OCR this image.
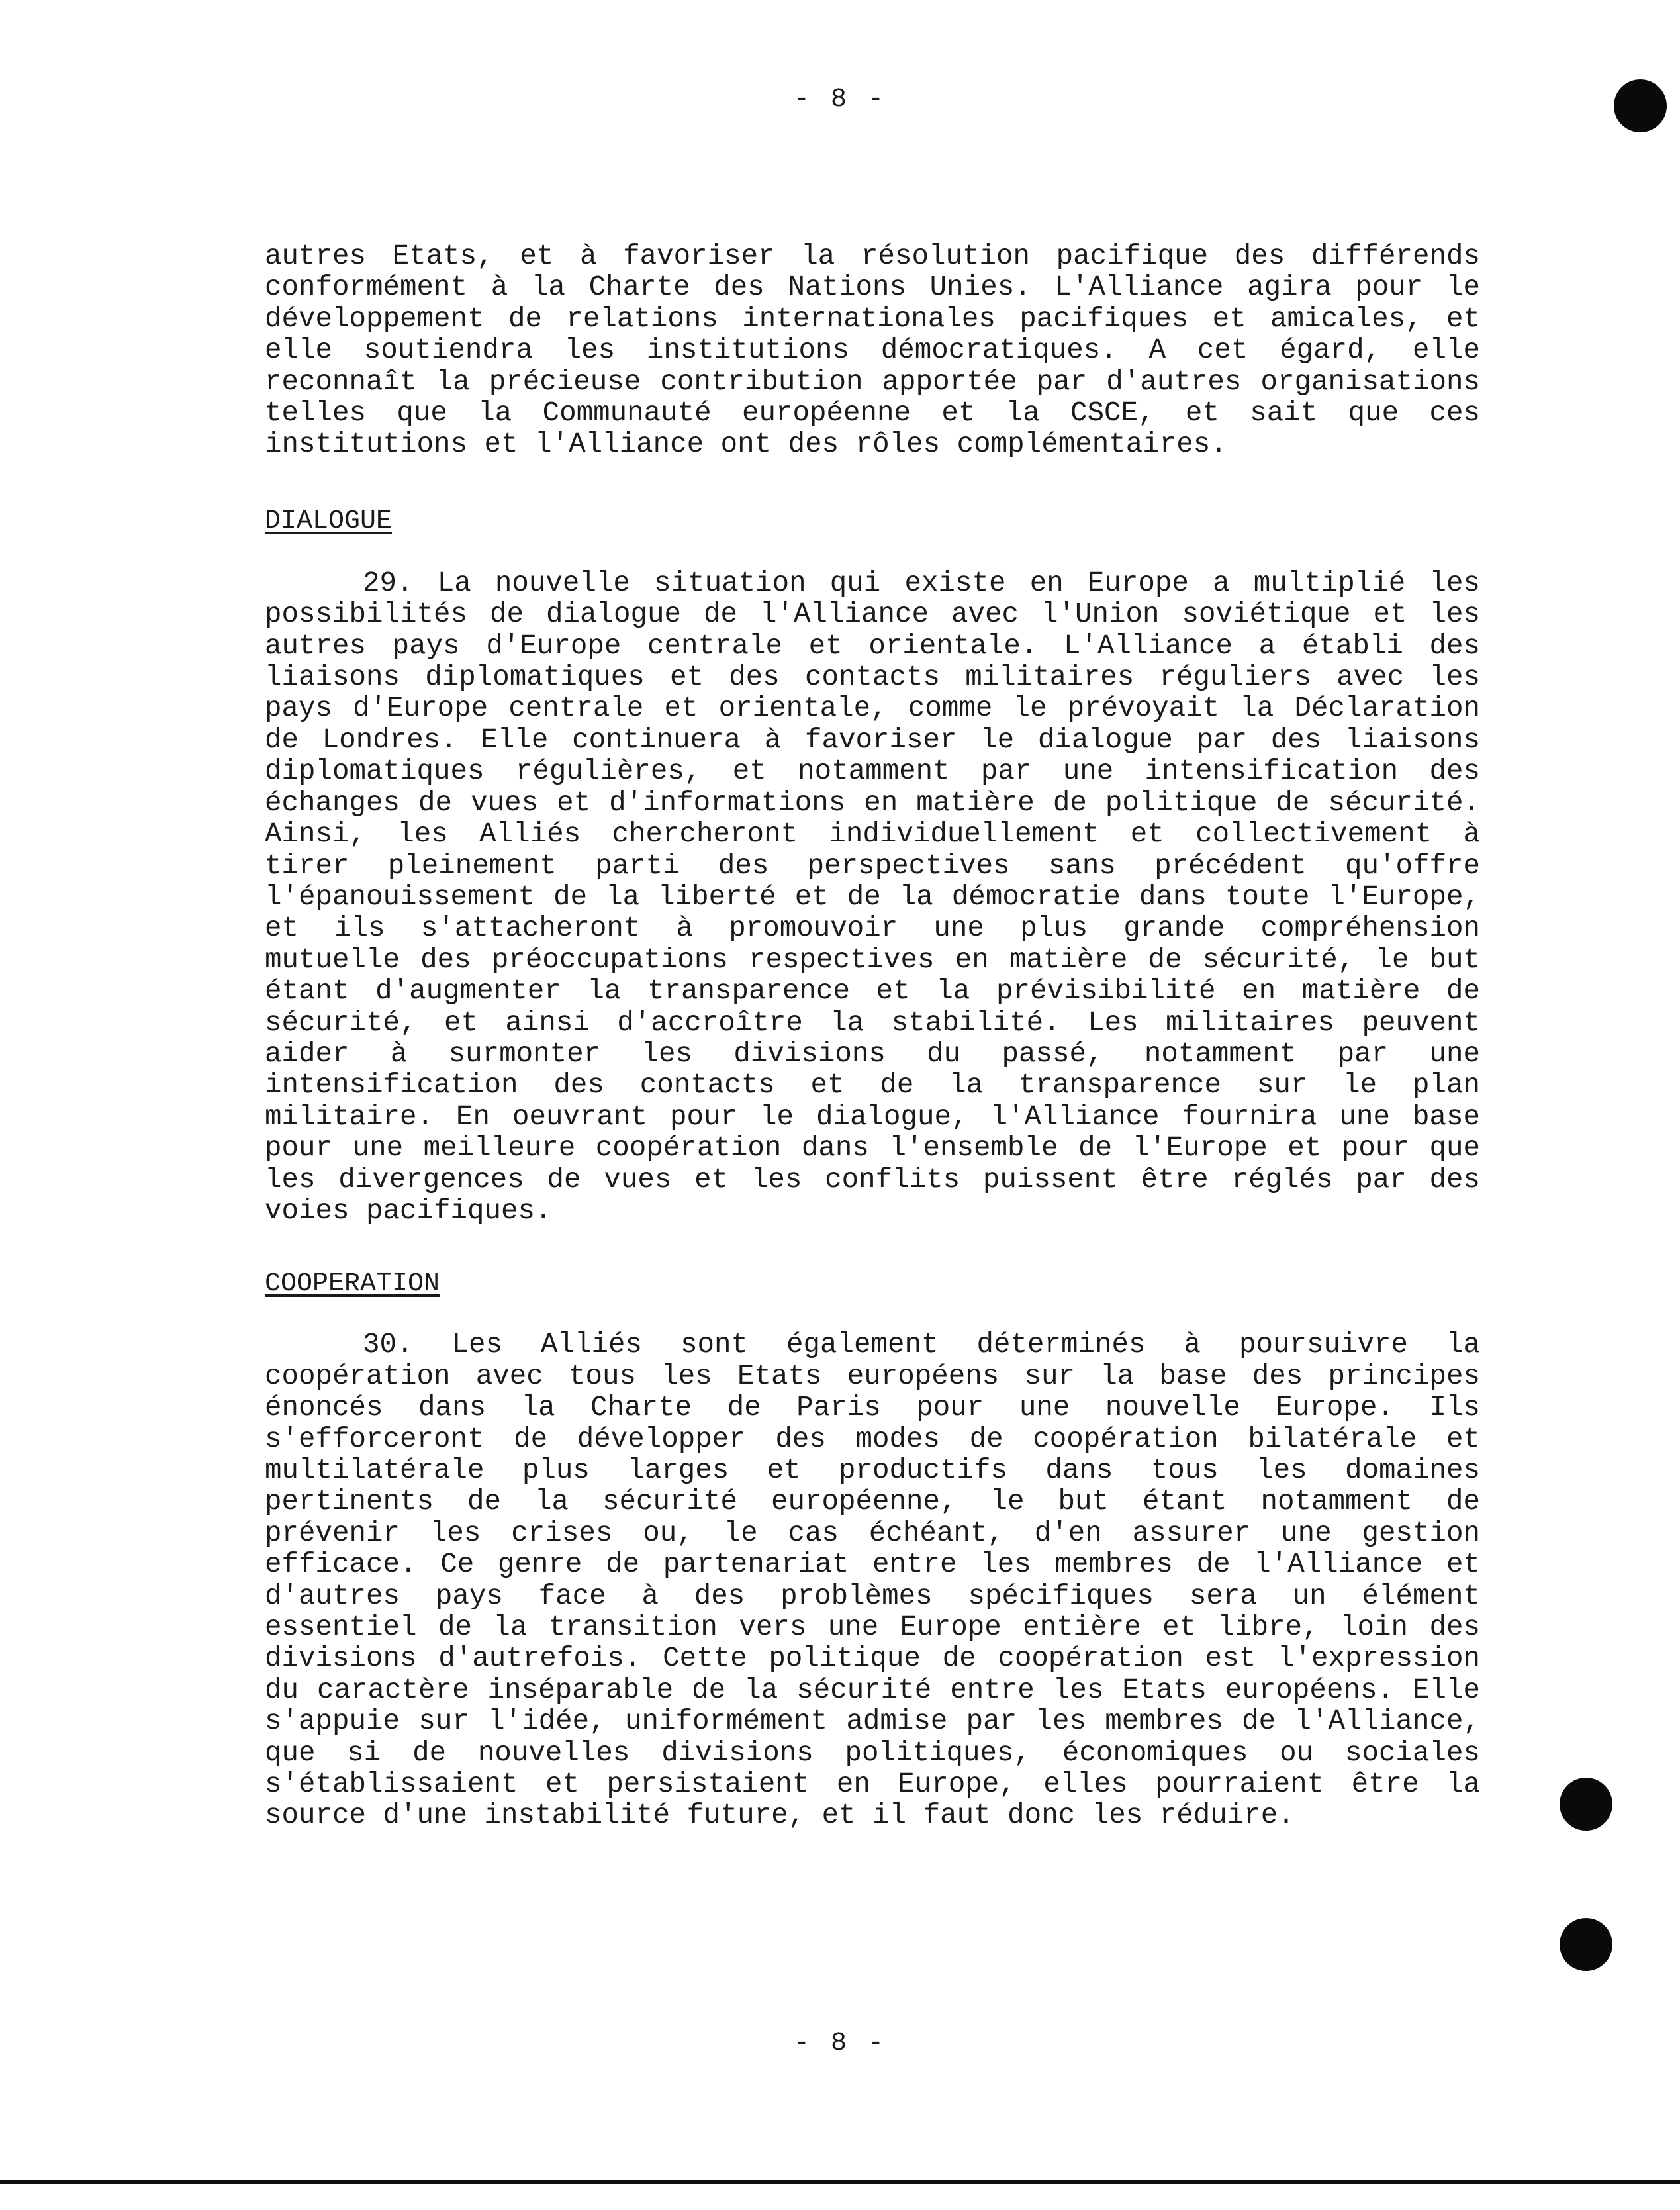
- 8 -

autres Etats, et à favoriser la résolution pacifique des différends conformément à la Charte des Nations Unies. L'Alliance agira pour le développement de relations internationales pacifiques et amicales, et elle soutiendra les institutions démocratiques. A cet égard, elle reconnaît la précieuse contribution apportée par d'autres organisations telles que la Communauté européenne et la CSCE, et sait que ces institutions et l'Alliance ont des rôles complémentaires.

DIALOGUE

29. La nouvelle situation qui existe en Europe a multiplié les possibilités de dialogue de l'Alliance avec l'Union soviétique et les autres pays d'Europe centrale et orientale. L'Alliance a établi des liaisons diplomatiques et des contacts militaires réguliers avec les pays d'Europe centrale et orientale, comme le prévoyait la Déclaration de Londres. Elle continuera à favoriser le dialogue par des liaisons diplomatiques régulières, et notamment par une intensification des échanges de vues et d'informations en matière de politique de sécurité. Ainsi, les Alliés chercheront individuellement et collectivement à tirer pleinement parti des perspectives sans précédent qu'offre l'épanouissement de la liberté et de la démocratie dans toute l'Europe, et ils s'attacheront à promouvoir une plus grande compréhension mutuelle des préoccupations respectives en matière de sécurité, le but étant d'augmenter la transparence et la prévisibilité en matière de sécurité, et ainsi d'accroître la stabilité. Les militaires peuvent aider à surmonter les divisions du passé, notamment par une intensification des contacts et de la transparence sur le plan militaire. En oeuvrant pour le dialogue, l'Alliance fournira une base pour une meilleure coopération dans l'ensemble de l'Europe et pour que les divergences de vues et les conflits puissent être réglés par des voies pacifiques.

COOPERATION

30. Les Alliés sont également déterminés à poursuivre la coopération avec tous les Etats européens sur la base des principes énoncés dans la Charte de Paris pour une nouvelle Europe. Ils s'efforceront de développer des modes de coopération bilatérale et multilatérale plus larges et productifs dans tous les domaines pertinents de la sécurité européenne, le but étant notamment de prévenir les crises ou, le cas échéant, d'en assurer une gestion efficace. Ce genre de partenariat entre les membres de l'Alliance et d'autres pays face à des problèmes spécifiques sera un élément essentiel de la transition vers une Europe entière et libre, loin des divisions d'autrefois. Cette politique de coopération est l'expression du caractère inséparable de la sécurité entre les Etats européens. Elle s'appuie sur l'idée, uniformément admise par les membres de l'Alliance, que si de nouvelles divisions politiques, économiques ou sociales s'établissaient et persistaient en Europe, elles pourraient être la source d'une instabilité future, et il faut donc les réduire.

- 8 -
